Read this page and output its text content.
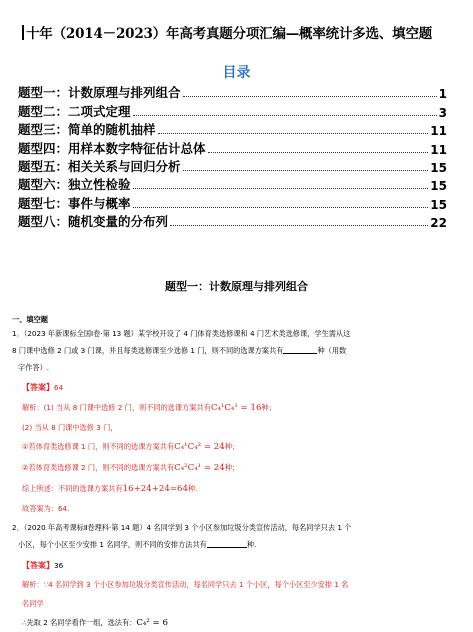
十年（2014－2023）年高考真题分项汇编—概率统计多选、填空题
目录
题型一：计数原理与排列组合	1
题型二：二项式定理	3
题型三：简单的随机抽样	11
题型四：用样本数字特征估计总体	11
题型五：相关关系与回归分析	15
题型六：独立性检验	15
题型七：事件与概率	15
题型八：随机变量的分布列	22
题型一：计数原理与排列组合
一、填空题
1．（2023 年新课标全国Ⅰ卷·第 13 题）某学校开设了 4 门体育类选修课和 4 门艺术类选修课，学生需从这
8 门课中选修 2 门或 3 门课，并且每类选修课至少选修 1 门，则不同的选课方案共有	种（用数
字作答）.
【答案】64
解析：(1) 当从 8 门课中选修 2 门，则不同的选课方案共有C₄¹C₄¹ = 16种；
(2) 当从 8 门课中选修 3 门，
①若体育类选修课 1 门，则不同的选课方案共有C₄¹C₄² = 24种；
②若体育类选修课 2 门，则不同的选课方案共有C₄²C₄¹ = 24种；
综上所述：不同的选课方案共有16+24+24=64种.
故答案为：64.
2．（2020 年高考课标Ⅱ卷理科·第 14 题）4 名同学到 3 个小区参加垃圾分类宣传活动，每名同学只去 1 个
小区，每个小区至少安排 1 名同学，则不同的安排方法共有	种.
【答案】36
解析：∵4 名同学到 3 个小区参加垃圾分类宣传活动，每名同学只去 1 个小区，每个小区至少安排 1 名
名同学
∴先取 2 名同学看作一组，选法有：C₄² = 6
